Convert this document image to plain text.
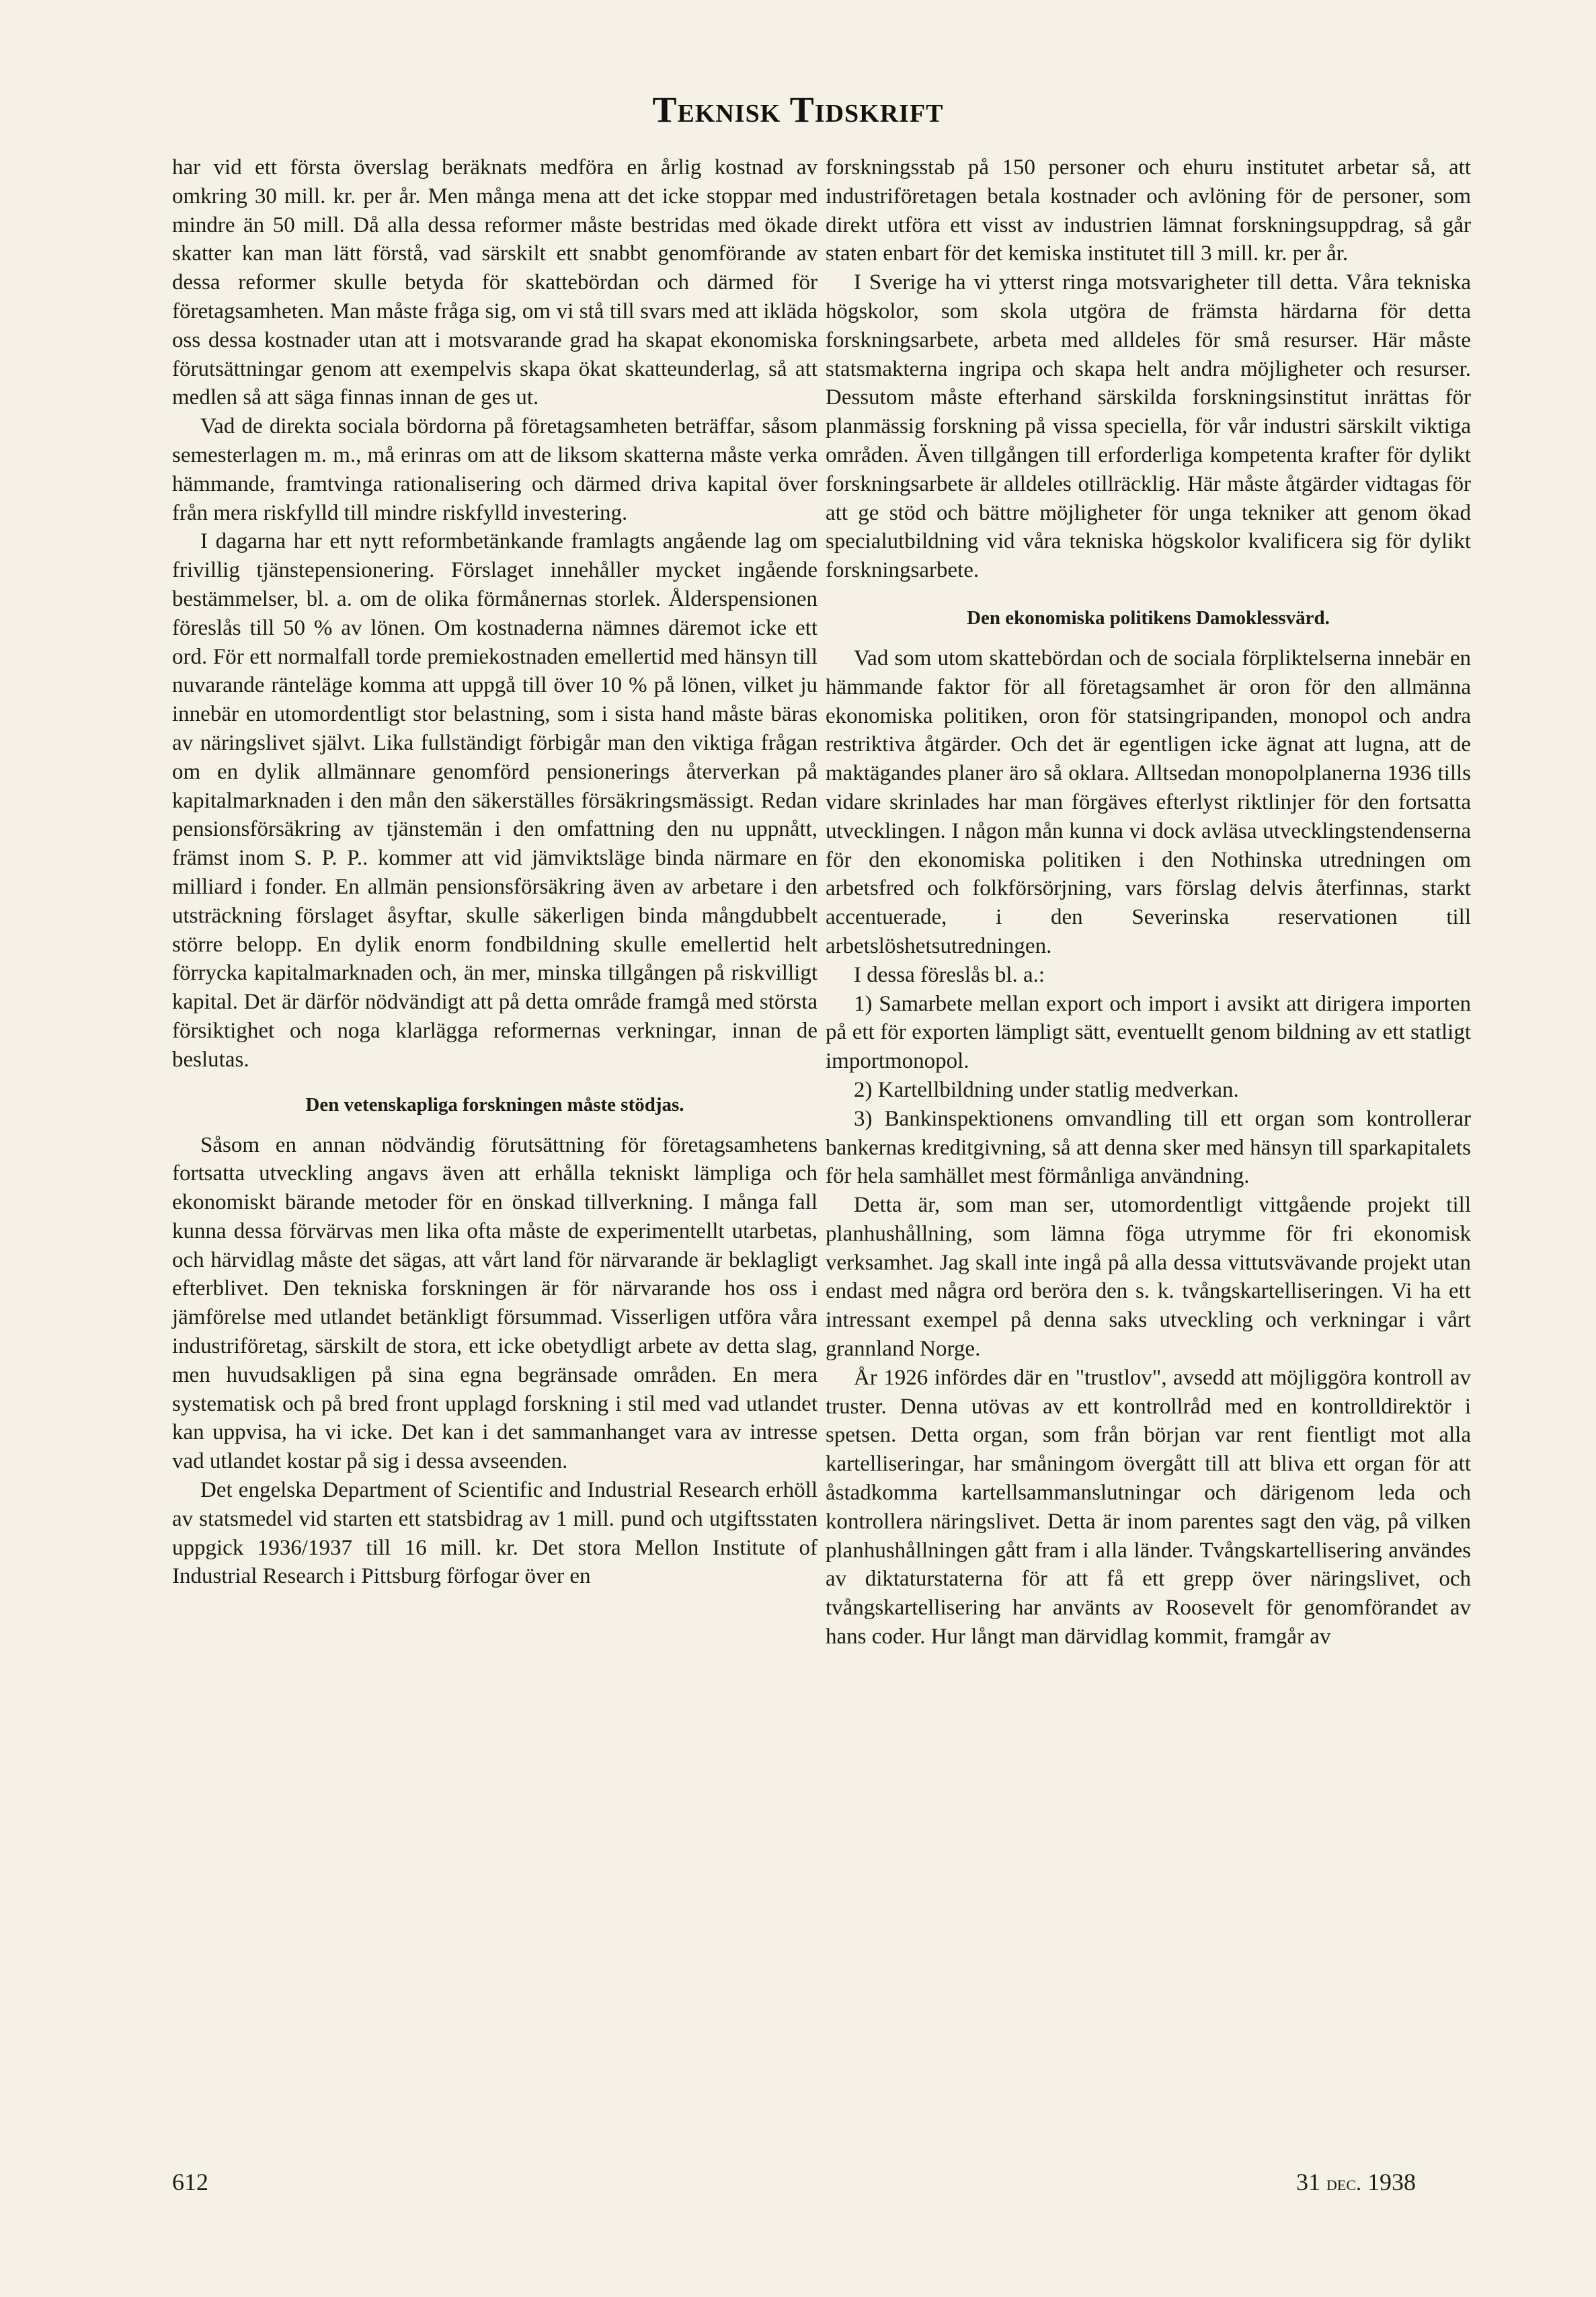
Teknisk Tidskrift

har vid ett första överslag beräknats medföra en årlig kostnad av omkring 30 mill. kr. per år. Men många mena att det icke stoppar med mindre än 50 mill. Då alla dessa reformer måste bestridas med ökade skatter kan man lätt förstå, vad särskilt ett snabbt genomförande av dessa reformer skulle betyda för skattebördan och därmed för företagsamheten. Man måste fråga sig, om vi stå till svars med att ikläda oss dessa kostnader utan att i motsvarande grad ha skapat ekonomiska förutsättningar genom att exempelvis skapa ökat skatteunderlag, så att medlen så att säga finnas innan de ges ut.

Vad de direkta sociala bördorna på företagsamheten beträffar, såsom semesterlagen m. m., må erinras om att de liksom skatterna måste verka hämmande, framtvinga rationalisering och därmed driva kapital över från mera riskfylld till mindre riskfylld investering.

I dagarna har ett nytt reformbetänkande framlagts angående lag om frivillig tjänstepensionering. Förslaget innehåller mycket ingående bestämmelser, bl. a. om de olika förmånernas storlek. Ålderspensionen föreslås till 50 % av lönen. Om kostnaderna nämnes däremot icke ett ord. För ett normalfall torde premiekostnaden emellertid med hänsyn till nuvarande ränteläge komma att uppgå till över 10 % på lönen, vilket ju innebär en utomordentligt stor belastning, som i sista hand måste bäras av näringslivet självt. Lika fullständigt förbigår man den viktiga frågan om en dylik allmännare genomförd pensionerings återverkan på kapitalmarknaden i den mån den säkerställes försäkringsmässigt. Redan pensionsförsäkring av tjänstemän i den omfattning den nu uppnått, främst inom S. P. P.. kommer att vid jämviktsläge binda närmare en milliard i fonder. En allmän pensionsförsäkring även av arbetare i den utsträckning förslaget åsyftar, skulle säkerligen binda mångdubbelt större belopp. En dylik enorm fondbildning skulle emellertid helt förrycka kapitalmarknaden och, än mer, minska tillgången på riskvilligt kapital. Det är därför nödvändigt att på detta område framgå med största försiktighet och noga klarlägga reformernas verkningar, innan de beslutas.

Den vetenskapliga forskningen måste stödjas.

Såsom en annan nödvändig förutsättning för företagsamhetens fortsatta utveckling angavs även att erhålla tekniskt lämpliga och ekonomiskt bärande metoder för en önskad tillverkning. I många fall kunna dessa förvärvas men lika ofta måste de experimentellt utarbetas, och härvidlag måste det sägas, att vårt land för närvarande är beklagligt efterblivet. Den tekniska forskningen är för närvarande hos oss i jämförelse med utlandet betänkligt försummad. Visserligen utföra våra industriföretag, särskilt de stora, ett icke obetydligt arbete av detta slag, men huvudsakligen på sina egna begränsade områden. En mera systematisk och på bred front upplagd forskning i stil med vad utlandet kan uppvisa, ha vi icke. Det kan i det sammanhanget vara av intresse vad utlandet kostar på sig i dessa avseenden.

Det engelska Department of Scientific and Industrial Research erhöll av statsmedel vid starten ett statsbidrag av 1 mill. pund och utgiftsstaten uppgick 1936/1937 till 16 mill. kr. Det stora Mellon Institute of Industrial Research i Pittsburg förfogar över en

forskningsstab på 150 personer och ehuru institutet arbetar så, att industriföretagen betala kostnader och avlöning för de personer, som direkt utföra ett visst av industrien lämnat forskningsuppdrag, så går staten enbart för det kemiska institutet till 3 mill. kr. per år.

I Sverige ha vi ytterst ringa motsvarigheter till detta. Våra tekniska högskolor, som skola utgöra de främsta härdarna för detta forskningsarbete, arbeta med alldeles för små resurser. Här måste statsmakterna ingripa och skapa helt andra möjligheter och resurser. Dessutom måste efterhand särskilda forskningsinstitut inrättas för planmässig forskning på vissa speciella, för vår industri särskilt viktiga områden. Även tillgången till erforderliga kompetenta krafter för dylikt forskningsarbete är alldeles otillräcklig. Här måste åtgärder vidtagas för att ge stöd och bättre möjligheter för unga tekniker att genom ökad specialutbildning vid våra tekniska högskolor kvalificera sig för dylikt forskningsarbete.

Den ekonomiska politikens Damoklessvärd.

Vad som utom skattebördan och de sociala förpliktelserna innebär en hämmande faktor för all företagsamhet är oron för den allmänna ekonomiska politiken, oron för statsingripanden, monopol och andra restriktiva åtgärder. Och det är egentligen icke ägnat att lugna, att de maktägandes planer äro så oklara. Alltsedan monopolplanerna 1936 tills vidare skrinlades har man förgäves efterlyst riktlinjer för den fortsatta utvecklingen. I någon mån kunna vi dock avläsa utvecklingstendenserna för den ekonomiska politiken i den Nothinska utredningen om arbetsfred och folkförsörjning, vars förslag delvis återfinnas, starkt accentuerade, i den Severinska reservationen till arbetslöshetsutredningen.

I dessa föreslås bl. a.:

1) Samarbete mellan export och import i avsikt att dirigera importen på ett för exporten lämpligt sätt, eventuellt genom bildning av ett statligt importmonopol.

2) Kartellbildning under statlig medverkan.

3) Bankinspektionens omvandling till ett organ som kontrollerar bankernas kreditgivning, så att denna sker med hänsyn till sparkapitalets för hela samhället mest förmånliga användning.

Detta är, som man ser, utomordentligt vittgående projekt till planhushållning, som lämna föga utrymme för fri ekonomisk verksamhet. Jag skall inte ingå på alla dessa vittutsvävande projekt utan endast med några ord beröra den s. k. tvångskartelliseringen. Vi ha ett intressant exempel på denna saks utveckling och verkningar i vårt grannland Norge.

År 1926 infördes där en "trustlov", avsedd att möjliggöra kontroll av truster. Denna utövas av ett kontrollråd med en kontrolldirektör i spetsen. Detta organ, som från början var rent fientligt mot alla kartelliseringar, har småningom övergått till att bliva ett organ för att åstadkomma kartellsammanslutningar och därigenom leda och kontrollera näringslivet. Detta är inom parentes sagt den väg, på vilken planhushållningen gått fram i alla länder. Tvångskartellisering användes av diktaturstaterna för att få ett grepp över näringslivet, och tvångskartellisering har använts av Roosevelt för genomförandet av hans coder. Hur långt man därvidlag kommit, framgår av

612	31 dec. 1938
